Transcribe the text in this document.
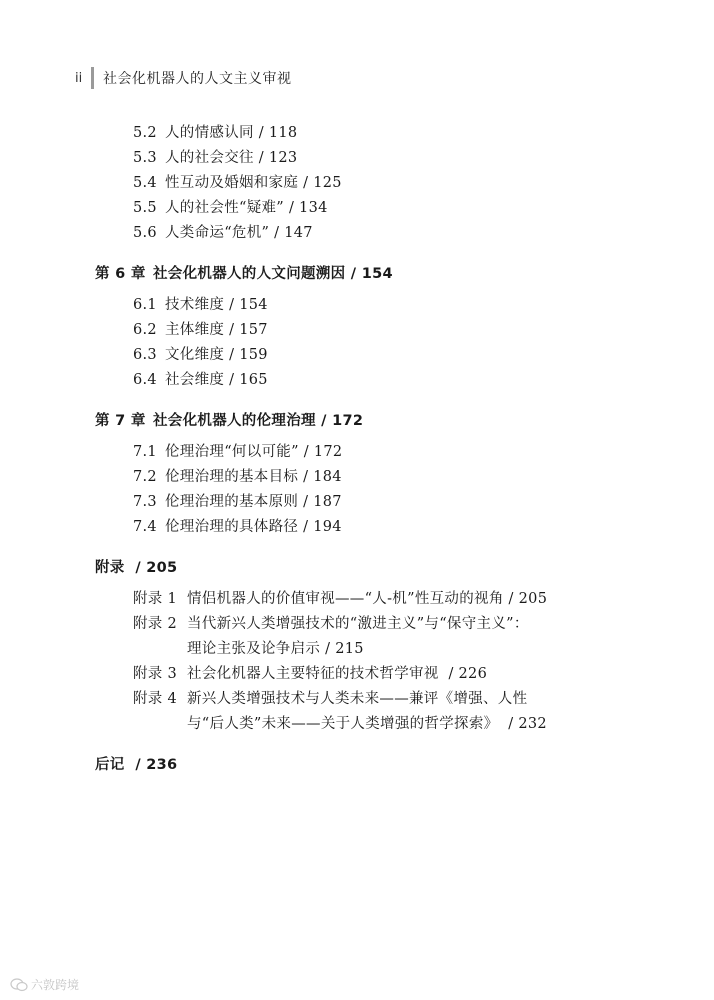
ii	社会化机器人的人文主义审视
5.2 人的情感认同 / 118
5.3 人的社会交往 / 123
5.4 性互动及婚姻和家庭 / 125
5.5 人的社会性“疑难” / 134
5.6 人类命运“危机” / 147
第 6 章 社会化机器人的人文问题溯因 / 154
6.1 技术维度 / 154
6.2 主体维度 / 157
6.3 文化维度 / 159
6.4 社会维度 / 165
第 7 章 社会化机器人的伦理治理 / 172
7.1 伦理治理“何以可能” / 172
7.2 伦理治理的基本目标 / 184
7.3 伦理治理的基本原则 / 187
7.4 伦理治理的具体路径 / 194
附录 / 205
附录 1 情侣机器人的价值审视——“人-机”性互动的视角 / 205
附录 2 当代新兴人类增强技术的“激进主义”与“保守主义”：
理论主张及论争启示 / 215
附录 3 社会化机器人主要特征的技术哲学审视 / 226
附录 4 新兴人类增强技术与人类未来——兼评《增强、人性
与“后人类”未来——关于人类增强的哲学探索》 / 232
后记 / 236
六敦跨境
